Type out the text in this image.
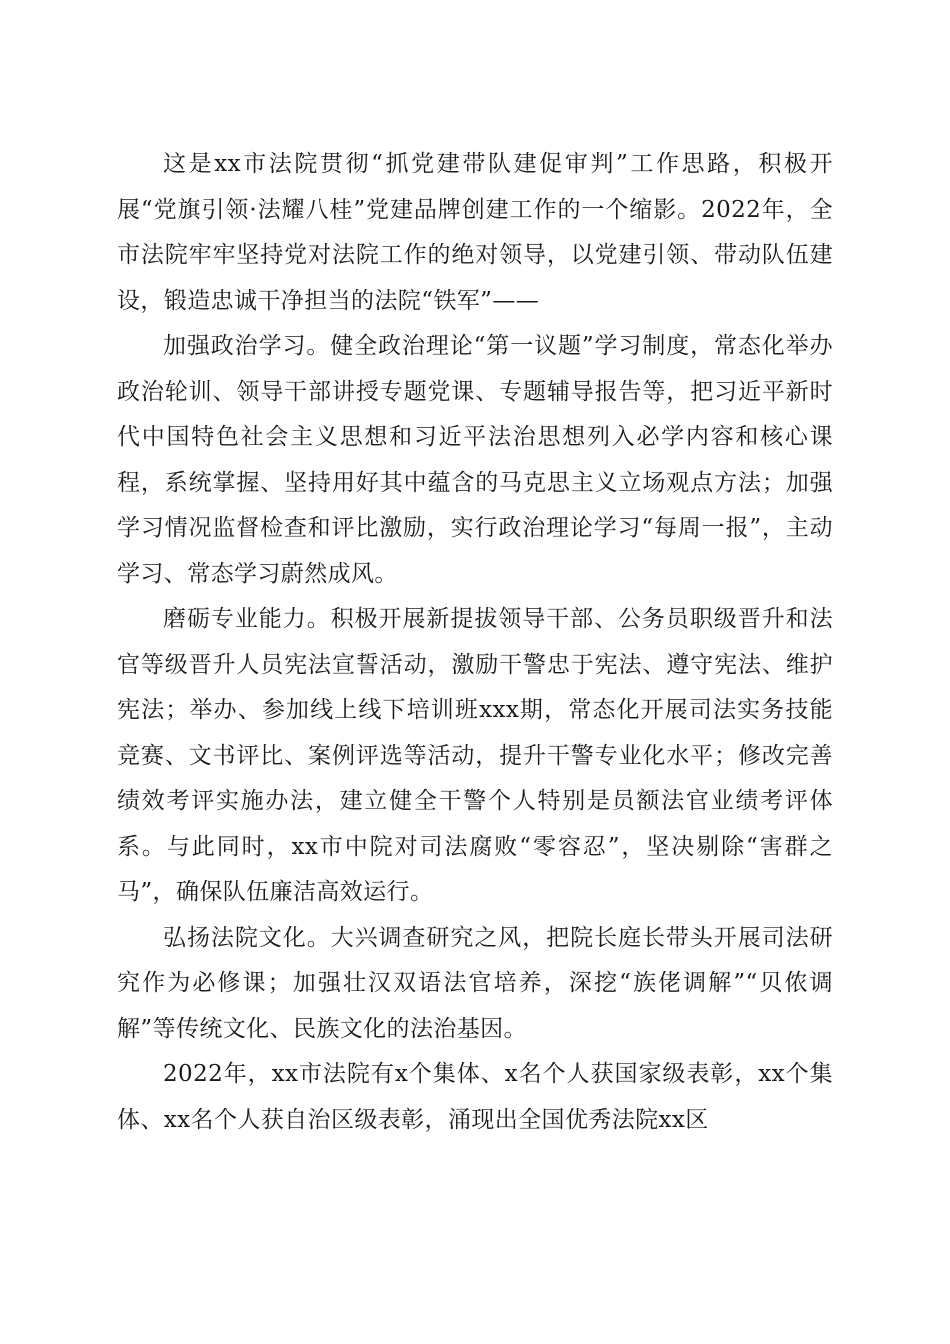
这是xx市法院贯彻“抓党建带队建促审判”工作思路，积极开展“党旗引领·法耀八桂”党建品牌创建工作的一个缩影。2022年，全市法院牢牢坚持党对法院工作的绝对领导，以党建引领、带动队伍建设，锻造忠诚干净担当的法院“铁军”——

加强政治学习。健全政治理论“第一议题”学习制度，常态化举办政治轮训、领导干部讲授专题党课、专题辅导报告等，把习近平新时代中国特色社会主义思想和习近平法治思想列入必学内容和核心课程，系统掌握、坚持用好其中蕴含的马克思主义立场观点方法；加强学习情况监督检查和评比激励，实行政治理论学习“每周一报”，主动学习、常态学习蔚然成风。

磨砺专业能力。积极开展新提拔领导干部、公务员职级晋升和法官等级晋升人员宪法宣誓活动，激励干警忠于宪法、遵守宪法、维护宪法；举办、参加线上线下培训班xxx期，常态化开展司法实务技能竞赛、文书评比、案例评选等活动，提升干警专业化水平；修改完善绩效考评实施办法，建立健全干警个人特别是员额法官业绩考评体系。与此同时，xx市中院对司法腐败“零容忍”，坚决剔除“害群之马”，确保队伍廉洁高效运行。

弘扬法院文化。大兴调查研究之风，把院长庭长带头开展司法研究作为必修课；加强壮汉双语法官培养，深挖“族佬调解”“贝侬调解”等传统文化、民族文化的法治基因。

2022年，xx市法院有x个集体、x名个人获国家级表彰，xx个集体、xx名个人获自治区级表彰，涌现出全国优秀法院xx区
